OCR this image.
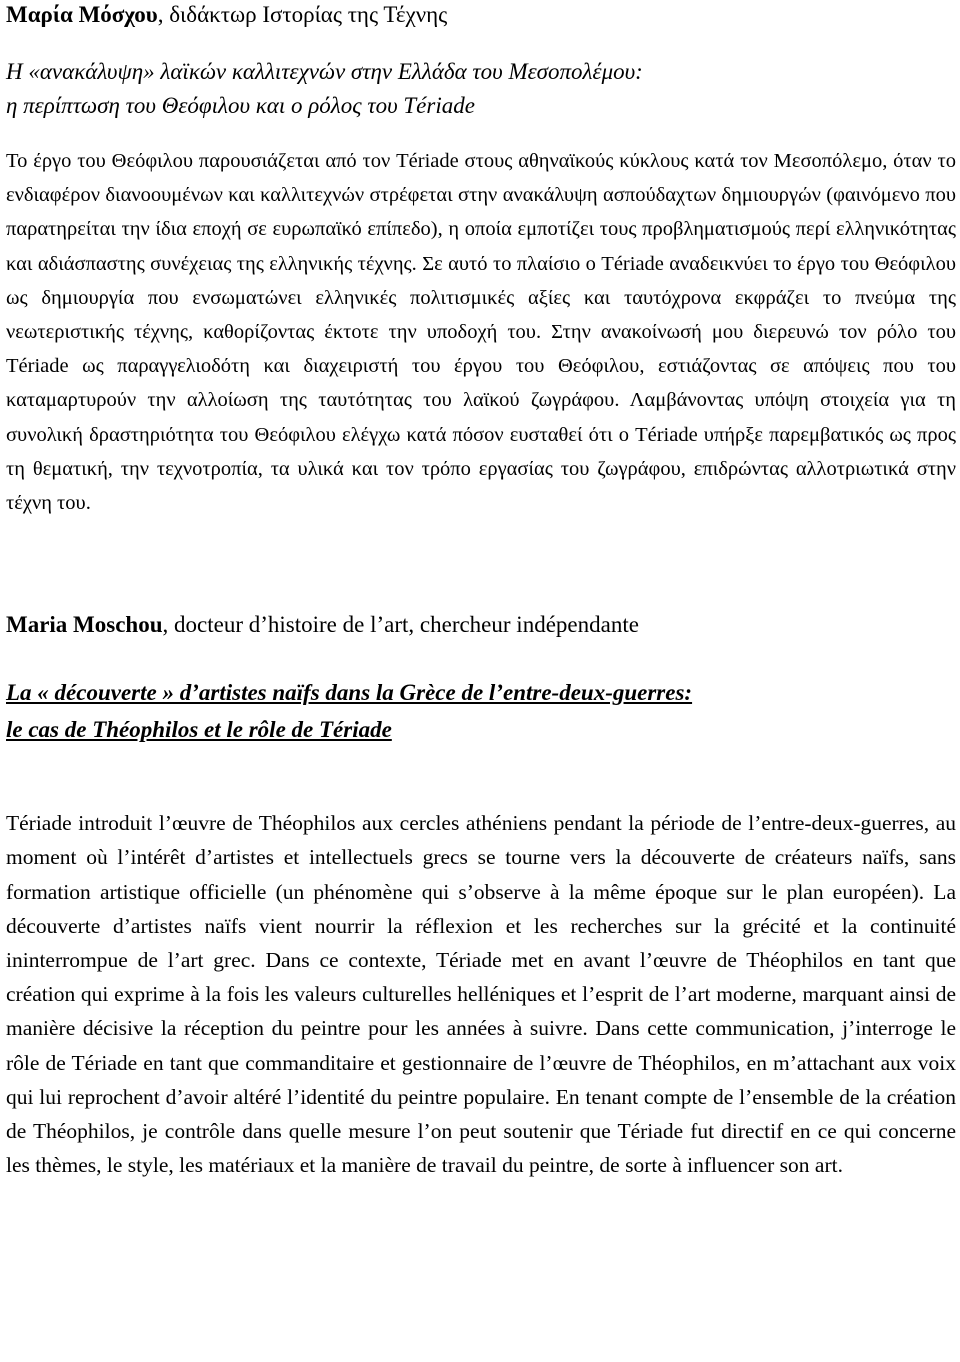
Μαρία Μόσχου, διδάκτωρ Ιστορίας της Τέχνης

Η «ανακάλυψη» λαϊκών καλλιτεχνών στην Ελλάδα του Μεσοπολέμου:
η περίπτωση του Θεόφιλου και ο ρόλος του Tériade

Το έργο του Θεόφιλου παρουσιάζεται από τον Tériade στους αθηναϊκούς κύκλους κατά τον Μεσοπόλεμο, όταν το ενδιαφέρον διανοουμένων και καλλιτεχνών στρέφεται στην ανακάλυψη ασπούδαχτων δημιουργών (φαινόμενο που παρατηρείται την ίδια εποχή σε ευρωπαϊκό επίπεδο), η οποία εμποτίζει τους προβληματισμούς περί ελληνικότητας και αδιάσπαστης συνέχειας της ελληνικής τέχνης. Σε αυτό το πλαίσιο ο Tériade αναδεικνύει το έργο του Θεόφιλου ως δημιουργία που ενσωματώνει ελληνικές πολιτισμικές αξίες και ταυτόχρονα εκφράζει το πνεύμα της νεωτεριστικής τέχνης, καθορίζοντας έκτοτε την υποδοχή του. Στην ανακοίνωσή μου διερευνώ τον ρόλο του Tériade ως παραγγελιοδότη και διαχειριστή του έργου του Θεόφιλου, εστιάζοντας σε απόψεις που του καταμαρτυρούν την αλλοίωση της ταυτότητας του λαϊκού ζωγράφου. Λαμβάνοντας υπόψη στοιχεία για τη συνολική δραστηριότητα του Θεόφιλου ελέγχω κατά πόσον ευσταθεί ότι ο Tériade υπήρξε παρεμβατικός ως προς τη θεματική, την τεχνοτροπία, τα υλικά και τον τρόπο εργασίας του ζωγράφου, επιδρώντας αλλοτριωτικά στην τέχνη του.

Maria Moschou, docteur d’histoire de l’art, chercheur indépendante

La « découverte » d’artistes naïfs dans la Grèce de l’entre-deux-guerres:
le cas de Théophilos et le rôle de Tériade

Tériade introduit l’œuvre de Théophilos aux cercles athéniens pendant la période de l’entre-deux-guerres, au moment où l’intérêt d’artistes et intellectuels grecs se tourne vers la découverte de créateurs naïfs, sans formation artistique officielle (un phénomène qui s’observe à la même époque sur le plan européen). La découverte d’artistes naïfs vient nourrir la réflexion et les recherches sur la grécité et la continuité ininterrompue de l’art grec. Dans ce contexte, Tériade met en avant l’œuvre de Théophilos en tant que création qui exprime à la fois les valeurs culturelles helléniques et l’esprit de l’art moderne, marquant ainsi de manière décisive la réception du peintre pour les années à suivre. Dans cette communication, j’interroge le rôle de Tériade en tant que commanditaire et gestionnaire de l’œuvre de Théophilos, en m’attachant aux voix qui lui reprochent d’avoir altéré l’identité du peintre populaire. En tenant compte de l’ensemble de la création de Théophilos, je contrôle dans quelle mesure l’on peut soutenir que Tériade fut directif en ce qui concerne les thèmes, le style, les matériaux et la manière de travail du peintre, de sorte à influencer son art.
